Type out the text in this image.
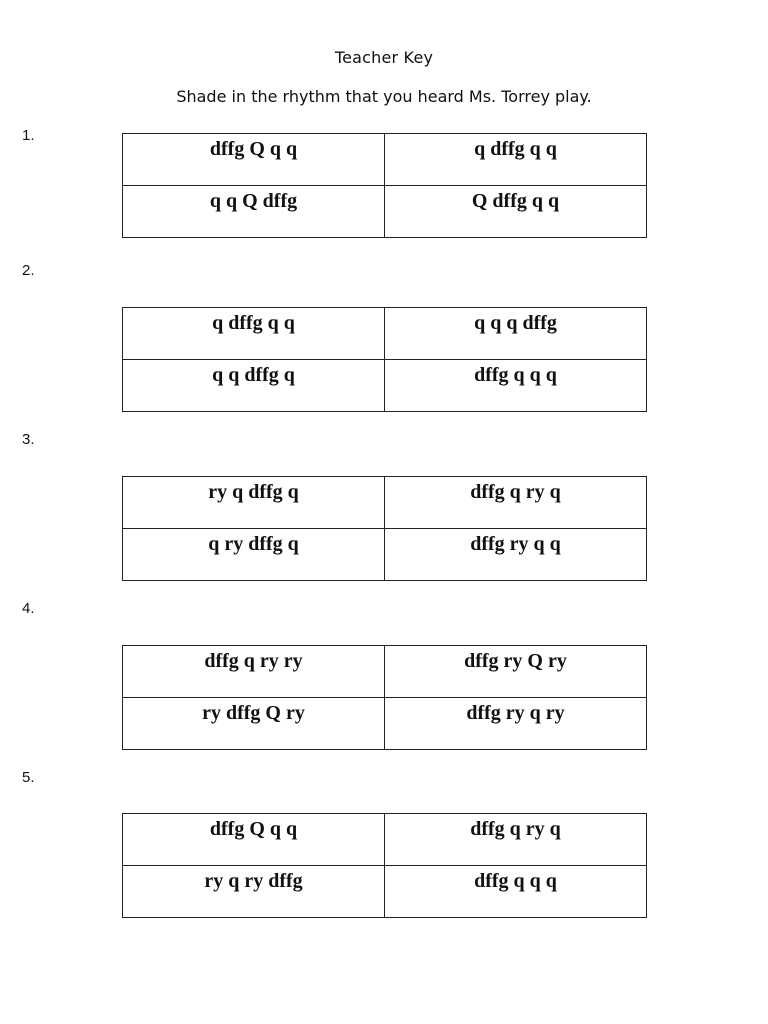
Teacher Key
Shade in the rhythm that you heard Ms. Torrey play.
1.
dffg Q q q	q dffg q q
q q Q dffg	Q dffg q q
2.
q dffg q q	q q q dffg
q q dffg q	dffg q q q
3.
ry q dffg q	dffg q ry q
q ry dffg q	dffg ry q q
4.
dffg q ry ry	dffg ry Q ry
ry dffg Q ry	dffg ry q ry
5.
dffg Q q q	dffg q ry q
ry q ry dffg	dffg q q q
